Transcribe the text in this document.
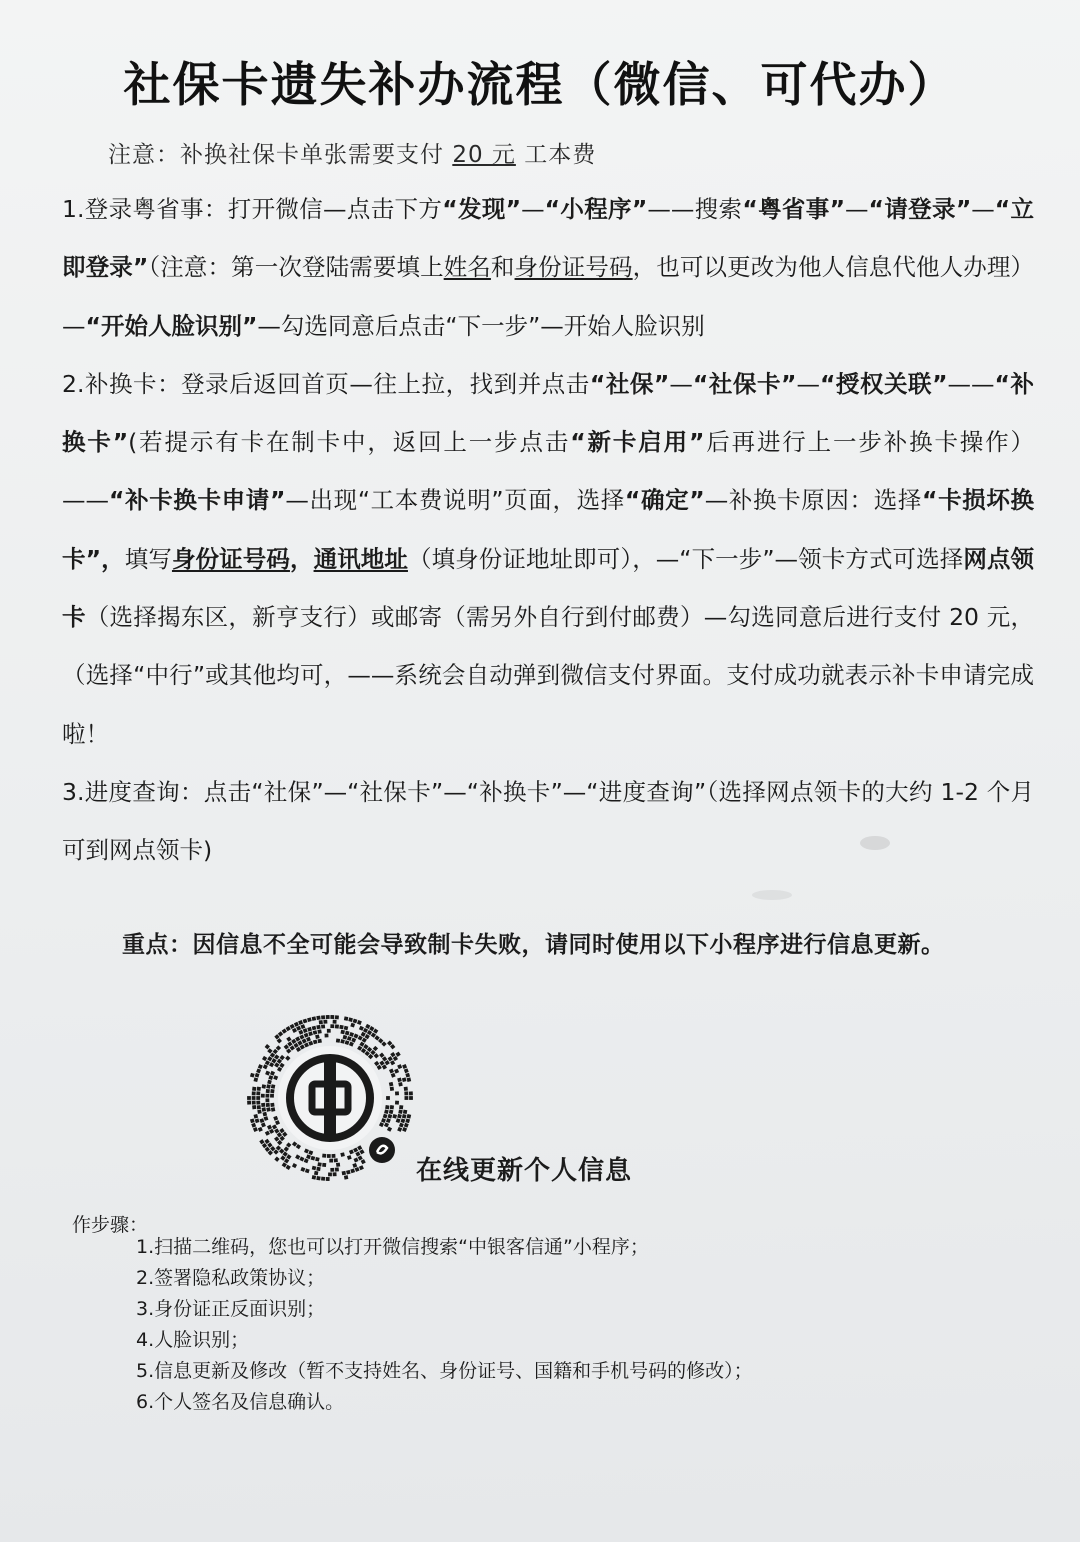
社保卡遗失补办流程（微信、可代办）
注意：补换社保卡单张需要支付 20 元 工本费

1.登录粤省事：打开微信—点击下方“发现”—“小程序”——搜索“粤省事”—“请登录”—“立即登录”（注意：第一次登陆需要填上姓名和身份证号码，也可以更改为他人信息代他人办理）—“开始人脸识别”—勾选同意后点击“下一步”—开始人脸识别

2.补换卡：登录后返回首页—往上拉，找到并点击“社保”—“社保卡”—“授权关联”——“补换卡”(若提示有卡在制卡中，返回上一步点击“新卡启用”后再进行上一步补换卡操作）——“补卡换卡申请”—出现“工本费说明”页面，选择“确定”—补换卡原因：选择“卡损坏换卡”，填写身份证号码，通讯地址（填身份证地址即可），—“下一步”—领卡方式可选择网点领卡（选择揭东区，新亨支行）或邮寄（需另外自行到付邮费）—勾选同意后进行支付 20 元，（选择“中行”或其他均可，——系统会自动弹到微信支付界面。支付成功就表示补卡申请完成啦！

3.进度查询：点击“社保”—“社保卡”—“补换卡”—“进度查询”（选择网点领卡的大约 1-2 个月可到网点领卡)

重点：因信息不全可能会导致制卡失败，请同时使用以下小程序进行信息更新。
在线更新个人信息
作步骤：
1.扫描二维码，您也可以打开微信搜索“中银客信通”小程序；
2.签署隐私政策协议；
3.身份证正反面识别；
4.人脸识别；
5.信息更新及修改（暂不支持姓名、身份证号、国籍和手机号码的修改）；
6.个人签名及信息确认。
